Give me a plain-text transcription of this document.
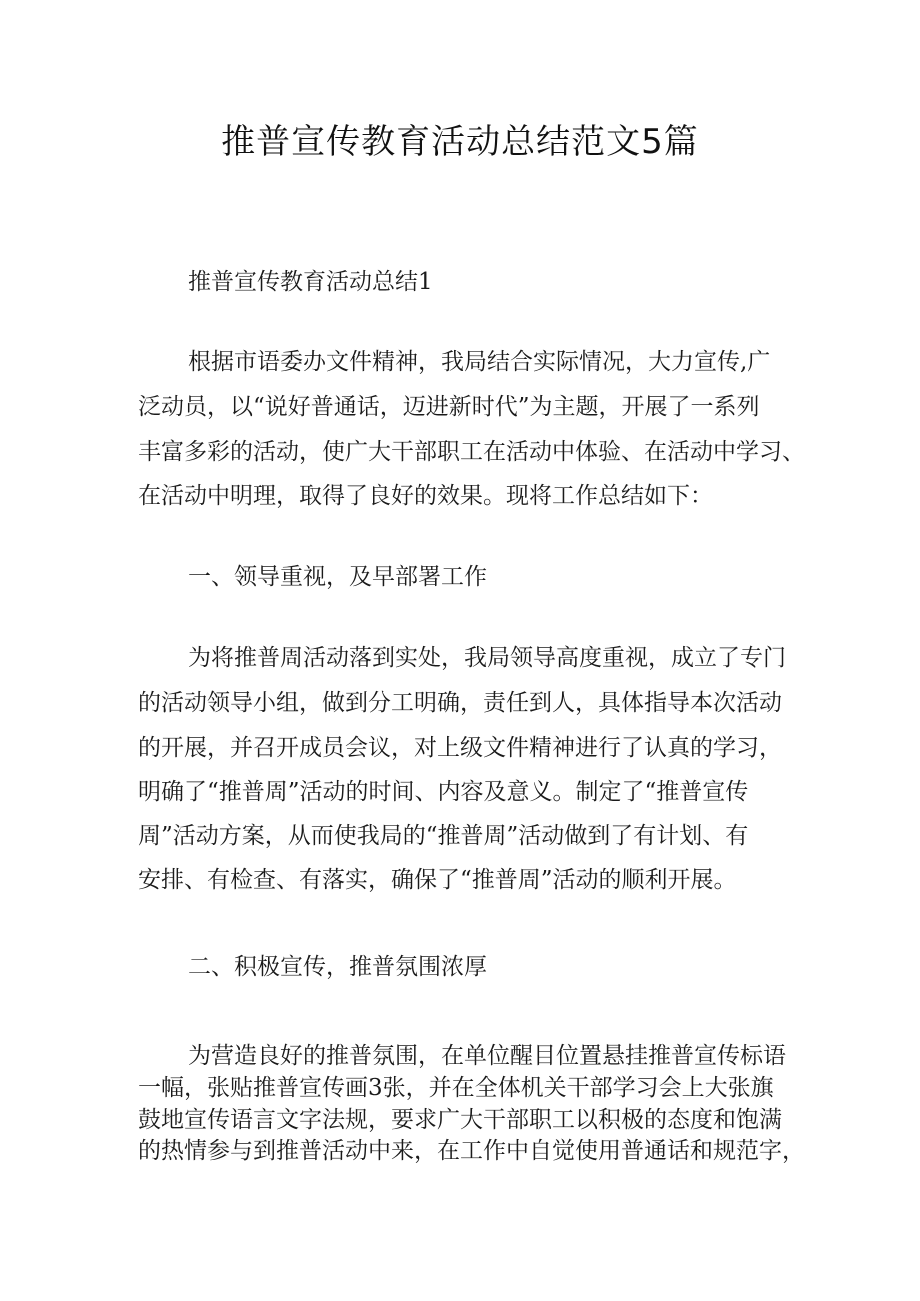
推普宣传教育活动总结范文5篇
推普宣传教育活动总结1
根据市语委办文件精神，我局结合实际情况，大力宣传,广
泛动员，以“说好普通话，迈进新时代”为主题，开展了一系列
丰富多彩的活动，使广大干部职工在活动中体验、在活动中学习、
在活动中明理，取得了良好的效果。现将工作总结如下：
一、领导重视，及早部署工作
为将推普周活动落到实处，我局领导高度重视，成立了专门
的活动领导小组，做到分工明确，责任到人，具体指导本次活动
的开展，并召开成员会议，对上级文件精神进行了认真的学习，
明确了“推普周”活动的时间、内容及意义。制定了“推普宣传
周”活动方案，从而使我局的“推普周”活动做到了有计划、有
安排、有检查、有落实，确保了“推普周”活动的顺利开展。
二、积极宣传，推普氛围浓厚
为营造良好的推普氛围，在单位醒目位置悬挂推普宣传标语
一幅，张贴推普宣传画3张，并在全体机关干部学习会上大张旗
鼓地宣传语言文字法规，要求广大干部职工以积极的态度和饱满
的热情参与到推普活动中来，在工作中自觉使用普通话和规范字，
